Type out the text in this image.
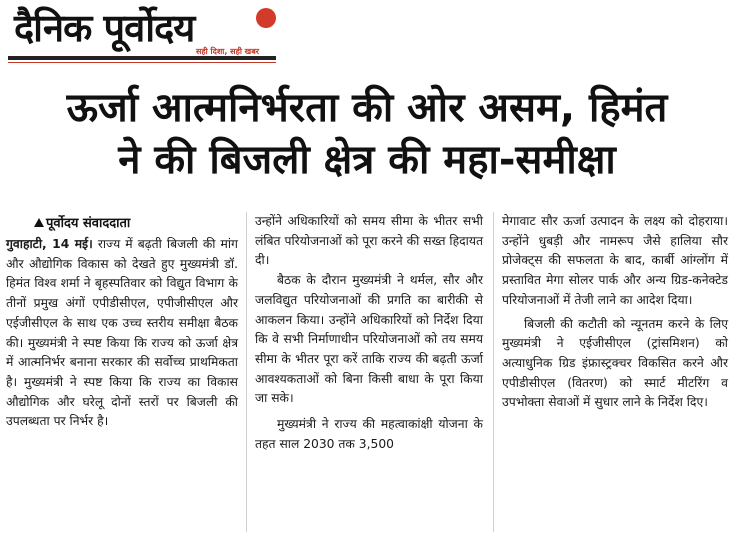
दैनिक पूर्वोदय
सही दिशा, सही खबर
ऊर्जा आत्मनिर्भरता की ओर असम, हिमंत
ने की बिजली क्षेत्र की महा-समीक्षा
पूर्वोदय संवाददाता

गुवाहाटी, 14 मई। राज्य में बढ़ती बिजली की मांग और औद्योगिक विकास को देखते हुए मुख्यमंत्री डॉ. हिमंत विश्व शर्मा ने बृहस्पतिवार को विद्युत विभाग के तीनों प्रमुख अंगों एपीडीसीएल, एपीजीसीएल और एईजीसीएल के साथ एक उच्च स्तरीय समीक्षा बैठक की। मुख्यमंत्री ने स्पष्ट किया कि राज्य को ऊर्जा क्षेत्र में आत्मनिर्भर बनाना सरकार की सर्वोच्च प्राथमिकता है। मुख्यमंत्री ने स्पष्ट किया कि राज्य का विकास औद्योगिक और घरेलू दोनों स्तरों पर बिजली की उपलब्धता पर निर्भर है।

उन्होंने अधिकारियों को समय सीमा के भीतर सभी लंबित परियोजनाओं को पूरा करने की सख्त हिदायत दी।

बैठक के दौरान मुख्यमंत्री ने थर्मल, सौर और जलविद्युत परियोजनाओं की प्रगति का बारीकी से आकलन किया। उन्होंने अधिकारियों को निर्देश दिया कि वे सभी निर्माणाधीन परियोजनाओं को तय समय सीमा के भीतर पूरा करें ताकि राज्य की बढ़ती ऊर्जा आवश्यकताओं को बिना किसी बाधा के पूरा किया जा सके।

मुख्यमंत्री ने राज्य की महत्वाकांक्षी योजना के तहत साल 2030 तक 3,500

मेगावाट सौर ऊर्जा उत्पादन के लक्ष्य को दोहराया। उन्होंने धुबड़ी और नामरूप जैसे हालिया सौर प्रोजेक्ट्स की सफलता के बाद, कार्बी आंग्लोंग में प्रस्तावित मेगा सोलर पार्क और अन्य ग्रिड-कनेक्टेड परियोजनाओं में तेजी लाने का आदेश दिया।

बिजली की कटौती को न्यूनतम करने के लिए मुख्यमंत्री ने एईजीसीएल (ट्रांसमिशन) को अत्याधुनिक ग्रिड इंफ्रास्ट्रक्चर विकसित करने और एपीडीसीएल (वितरण) को स्मार्ट मीटरिंग व उपभोक्ता सेवाओं में सुधार लाने के निर्देश दिए।
